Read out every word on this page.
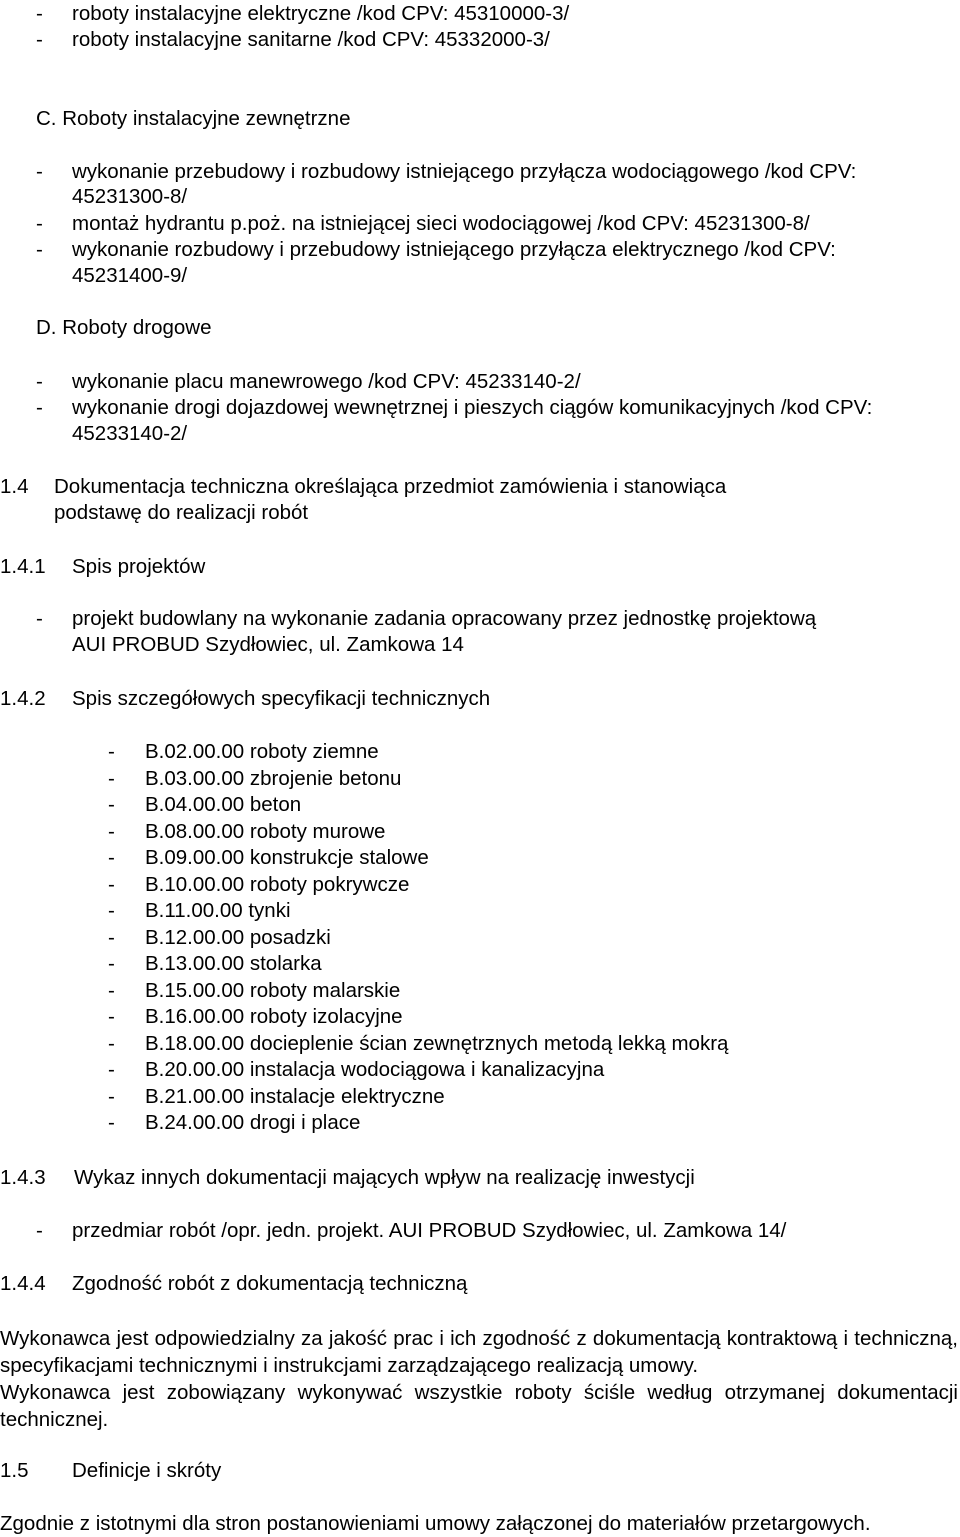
- roboty instalacyjne elektryczne /kod CPV: 45310000-3/
- roboty instalacyjne sanitarne /kod CPV: 45332000-3/
C. Roboty instalacyjne zewnętrzne
- wykonanie przebudowy i rozbudowy istniejącego przyłącza wodociągowego /kod CPV:
45231300-8/
- montaż hydrantu p.poż. na istniejącej sieci wodociągowej /kod CPV: 45231300-8/
- wykonanie rozbudowy i przebudowy istniejącego przyłącza elektrycznego /kod CPV:
45231400-9/
D. Roboty drogowe
- wykonanie placu manewrowego /kod CPV: 45233140-2/
- wykonanie drogi dojazdowej wewnętrznej i pieszych ciągów komunikacyjnych /kod CPV:
45233140-2/
1.4 Dokumentacja techniczna określająca przedmiot zamówienia i stanowiąca
podstawę do realizacji robót
1.4.1 Spis projektów
- projekt budowlany na wykonanie zadania opracowany przez jednostkę projektową
AUI PROBUD Szydłowiec, ul. Zamkowa 14
1.4.2 Spis szczegółowych specyfikacji technicznych
- B.02.00.00 roboty ziemne
- B.03.00.00 zbrojenie betonu
- B.04.00.00 beton
- B.08.00.00 roboty murowe
- B.09.00.00 konstrukcje stalowe
- B.10.00.00 roboty pokrywcze
- B.11.00.00 tynki
- B.12.00.00 posadzki
- B.13.00.00 stolarka
- B.15.00.00 roboty malarskie
- B.16.00.00 roboty izolacyjne
- B.18.00.00 docieplenie ścian zewnętrznych metodą lekką mokrą
- B.20.00.00 instalacja wodociągowa i kanalizacyjna
- B.21.00.00 instalacje elektryczne
- B.24.00.00 drogi i place
1.4.3 Wykaz innych dokumentacji mających wpływ na realizację inwestycji
- przedmiar robót /opr. jedn. projekt. AUI PROBUD Szydłowiec, ul. Zamkowa 14/
1.4.4 Zgodność robót z dokumentacją techniczną

Wykonawca jest odpowiedzialny za jakość prac i ich zgodność z dokumentacją kontraktową i techniczną, specyfikacjami technicznymi i instrukcjami zarządzającego realizacją umowy.

Wykonawca jest zobowiązany wykonywać wszystkie roboty ściśle według otrzymanej dokumentacji technicznej.

1.5 Definicje i skróty
Zgodnie z istotnymi dla stron postanowieniami umowy załączonej do materiałów przetargowych.
